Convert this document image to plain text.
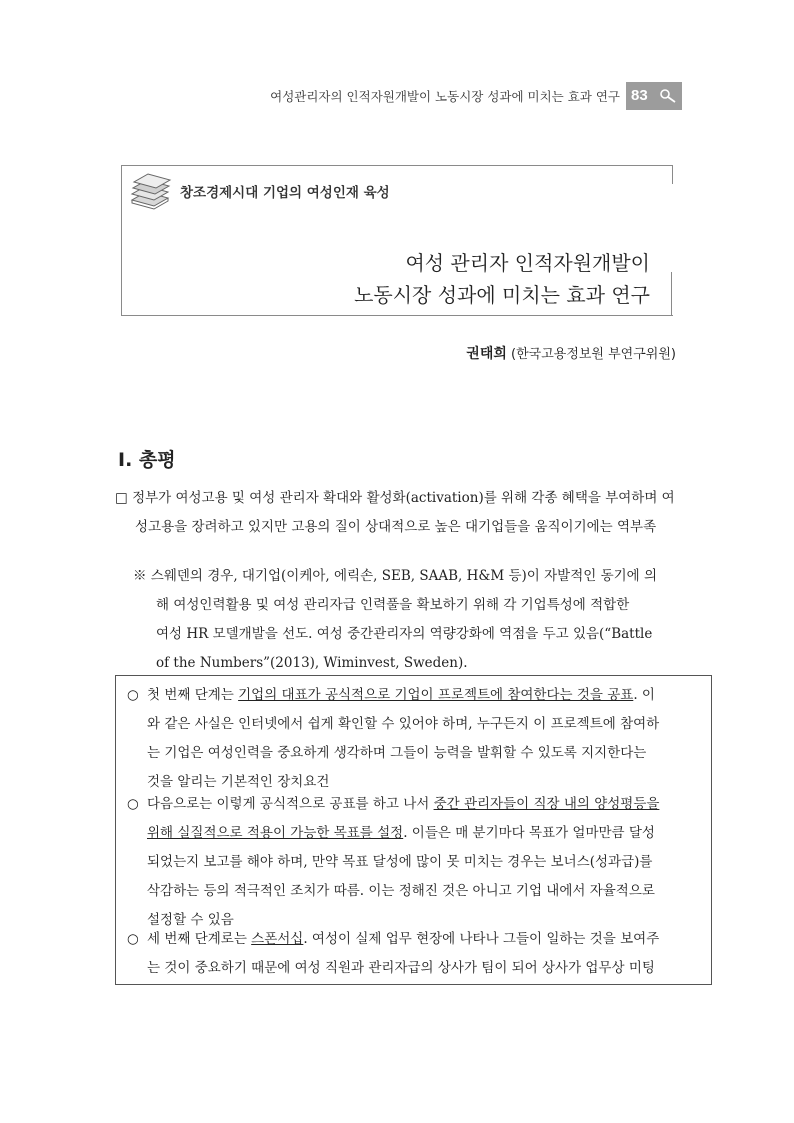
여성관리자의 인적자원개발이 노동시장 성과에 미치는 효과 연구 83
창조경제시대 기업의 여성인재 육성
여성 관리자 인적자원개발이
노동시장 성과에 미치는 효과 연구
권태희 (한국고용정보원 부연구위원)
Ⅰ. 총평
□ 정부가 여성고용 및 여성 관리자 확대와 활성화(activation)를 위해 각종 혜택을 부여하며 여
성고용을 장려하고 있지만 고용의 질이 상대적으로 높은 대기업들을 움직이기에는 역부족
※ 스웨덴의 경우, 대기업(이케아, 에릭손, SEB, SAAB, H&M 등)이 자발적인 동기에 의
해 여성인력활용 및 여성 관리자급 인력풀을 확보하기 위해 각 기업특성에 적합한
여성 HR 모델개발을 선도. 여성 중간관리자의 역량강화에 역점을 두고 있음(“Battle
of the Numbers”(2013), Wiminvest, Sweden).
○ 첫 번째 단계는 기업의 대표가 공식적으로 기업이 프로젝트에 참여한다는 것을 공표. 이
와 같은 사실은 인터넷에서 쉽게 확인할 수 있어야 하며, 누구든지 이 프로젝트에 참여하
는 기업은 여성인력을 중요하게 생각하며 그들이 능력을 발휘할 수 있도록 지지한다는
것을 알리는 기본적인 장치요건
○ 다음으로는 이렇게 공식적으로 공표를 하고 나서 중간 관리자들이 직장 내의 양성평등을
위해 실질적으로 적용이 가능한 목표를 설정. 이들은 매 분기마다 목표가 얼마만큼 달성
되었는지 보고를 해야 하며, 만약 목표 달성에 많이 못 미치는 경우는 보너스(성과급)를
삭감하는 등의 적극적인 조치가 따름. 이는 정해진 것은 아니고 기업 내에서 자율적으로
설정할 수 있음
○ 세 번째 단계로는 스폰서십. 여성이 실제 업무 현장에 나타나 그들이 일하는 것을 보여주
는 것이 중요하기 때문에 여성 직원과 관리자급의 상사가 팀이 되어 상사가 업무상 미팅
